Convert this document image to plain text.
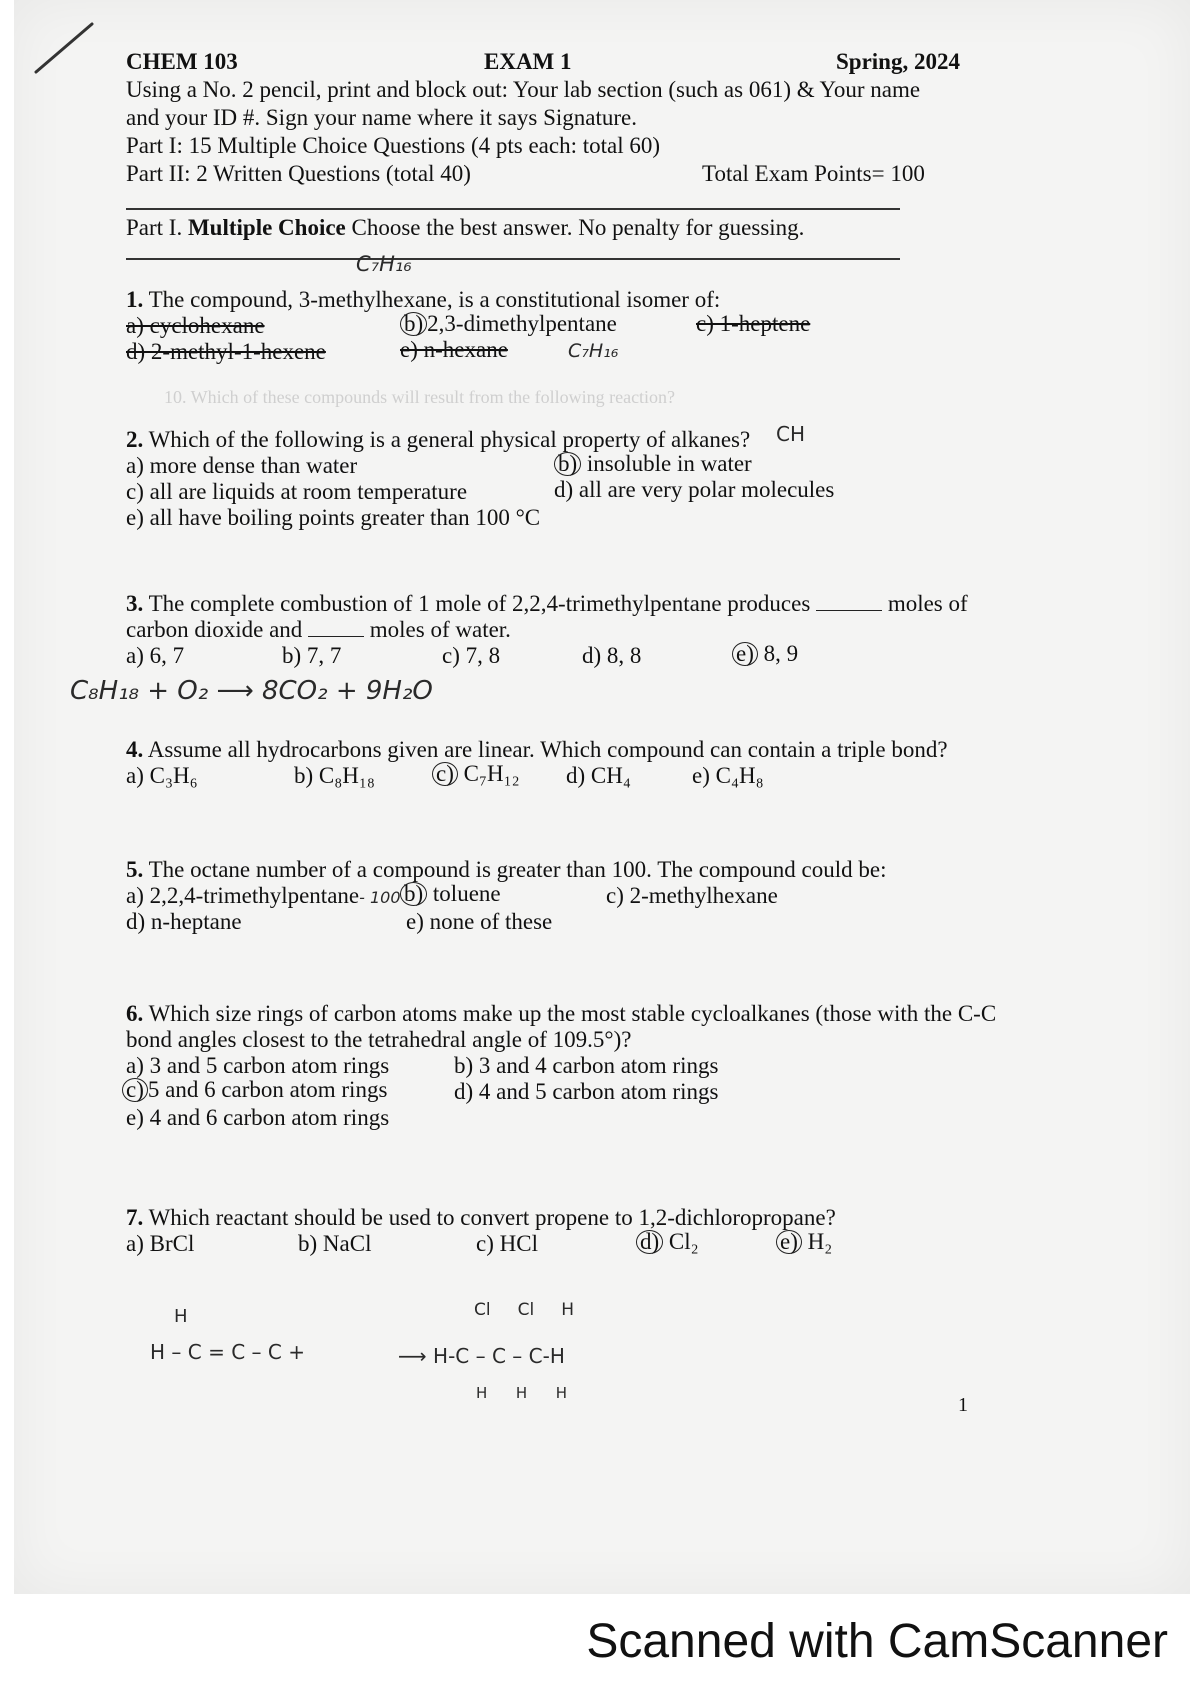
CHEM 103	EXAM 1	Spring, 2024
Using a No. 2 pencil, print and block out: Your lab section (such as 061) & Your name
and your ID #. Sign your name where it says Signature.
Part I: 15 Multiple Choice Questions (4 pts each: total 60)
Part II: 2 Written Questions (total 40)	Total Exam Points= 100
Part I. Multiple Choice Choose the best answer. No penalty for guessing.
C₇H₁₆
1. The compound, 3-methylhexane, is a constitutional isomer of:
a) cyclohexane	b) 2,3-dimethylpentane	c) 1-heptene
d) 2-methyl-1-hexene	e) n-hexane	C₇H₁₆
10. Which of these compounds will result from the following reaction?
2. Which of the following is a general physical property of alkanes? CH
a) more dense than water	b) insoluble in water
c) all are liquids at room temperature	d) all are very polar molecules
e) all have boiling points greater than 100 °C
3. The complete combustion of 1 mole of 2,2,4-trimethylpentane produces	moles of
carbon dioxide and	moles of water.
a) 6, 7	b) 7, 7	c) 7, 8	d) 8, 8	e) 8, 9
C₈H₁₈ + O₂ ⟶ 8CO₂ + 9H₂O
4. Assume all hydrocarbons given are linear. Which compound can contain a triple bond?
a) C₃H₆	b) C₈H₁₈	c) C₇H₁₂ d) CH₄	e) C₄H₈
5. The octane number of a compound is greater than 100. The compound could be:
a) 2,2,4-trimethylpentane- 100 b) toluene	c) 2-methylhexane
d) n-heptane	e) none of these
6. Which size rings of carbon atoms make up the most stable cycloalkanes (those with the C-C
bond angles closest to the tetrahedral angle of 109.5°)?
a) 3 and 5 carbon atom rings	b) 3 and 4 carbon atom rings
c) 5 and 6 carbon atom rings	d) 4 and 5 carbon atom rings
e) 4 and 6 carbon atom rings
7. Which reactant should be used to convert propene to 1,2-dichloropropane?
a) BrCl	b) NaCl	c) HCl	d) Cl₂	e) H₂
H
H – C = C – C +
Cl     Cl     H
⟶ H-C – C – C-H
H      H      H
1
Scanned with CamScanner
